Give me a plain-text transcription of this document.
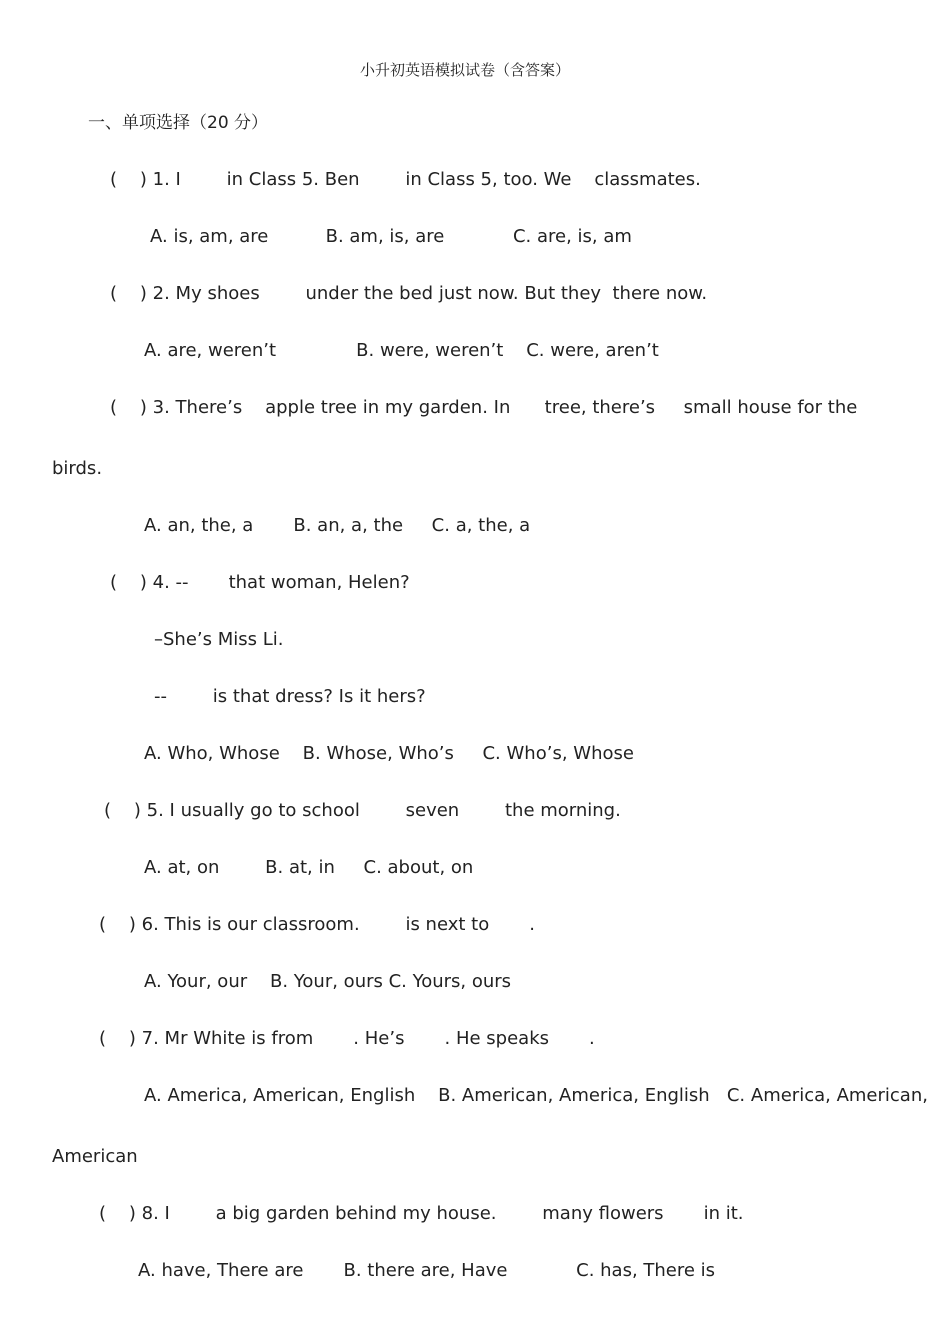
小升初英语模拟试卷（含答案）
一、单项选择（20 分）
(    ) 1. I        in Class 5. Ben        in Class 5, too. We    classmates.
A. is, am, are          B. am, is, are            C. are, is, am
(    ) 2. My shoes        under the bed just now. But they  there now.
A. are, weren’t              B. were, weren’t    C. were, aren’t
(    ) 3. There’s    apple tree in my garden. In      tree, there’s     small house for the
birds.
A. an, the, a       B. an, a, the     C. a, the, a
(    ) 4. --       that woman, Helen?
–She’s Miss Li.
--        is that dress? Is it hers?
A. Who, Whose    B. Whose, Who’s     C. Who’s, Whose
(    ) 5. I usually go to school        seven        the morning.
A. at, on        B. at, in     C. about, on
(    ) 6. This is our classroom.        is next to       .
A. Your, our    B. Your, ours C. Yours, ours
(    ) 7. Mr White is from       . He’s       . He speaks       .
A. America, American, English    B. American, America, English   C. America, American,
American
(    ) 8. I        a big garden behind my house.        many flowers       in it.
A. have, There are       B. there are, Have            C. has, There is
